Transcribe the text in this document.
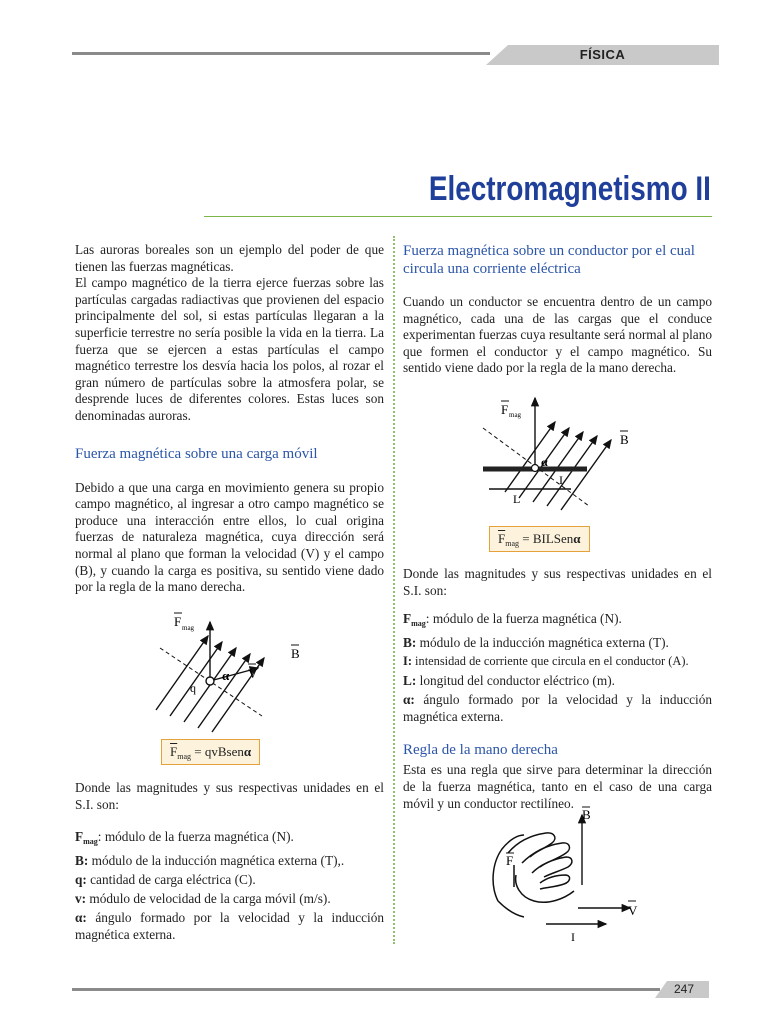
FÍSICA
Electromagnetismo II

Las auroras boreales son un ejemplo del poder de que tienen las fuerzas magnéticas.

El campo magnético de la tierra ejerce fuerzas sobre las partículas cargadas radiactivas que provienen del espacio principalmente del sol, si estas partículas llegaran a la superficie terrestre no sería posible la vida en la tierra. La fuerza que se ejercen a estas partículas el campo magnético terrestre los desvía hacia los polos, al rozar el gran número de partículas sobre la atmosfera polar, se desprende luces de diferentes colores. Estas luces son denominadas auroras.

Fuerza magnética sobre una carga móvil

Debido a que una carga en movimiento genera su propio campo magnético, al ingresar a otro campo magnético se produce una interacción entre ellos, lo cual origina fuerzas de naturaleza magnética, cuya dirección será normal al plano que forman la velocidad (V) y el campo (B), y cuando la carga es positiva, su sentido viene dado por la regla de la mano derecha.

F mag
B
q
α V
$\overline{F}_{mag}$ = qvBsenα

Donde las magnitudes y sus respectivas unidades en el S.I. son:

$F_{mag}$: módulo de la fuerza magnética (N).
B: módulo de la inducción magnética externa (T),.
q: cantidad de carga eléctrica (C).
v: módulo de velocidad de la carga móvil (m/s).
α: ángulo formado por la velocidad y la inducción magnética externa.
Fuerza magnética sobre un conductor por el cual circula una corriente eléctrica

Cuando un conductor se encuentra dentro de un campo magnético, cada una de las cargas que el conduce experimentan fuerzas cuya resultante será normal al plano que formen el conductor y el campo magnético. Su sentido viene dado por la regla de la mano derecha.

F mag
B
α
I
L
$\overline{F}_{mag}$ = BILSenα

Donde las magnitudes y sus respectivas unidades en el S.I. son:

$F_{mag}$: módulo de la fuerza magnética (N).
B: módulo de la inducción magnética externa (T).
I: intensidad de corriente que circula en el conductor (A).
L: longitud del conductor eléctrico (m).
α: ángulo formado por la velocidad y la inducción magnética externa.
Regla de la mano derecha

Esta es una regla que sirve para determinar la dirección de la fuerza magnética, tanto en el caso de una carga móvil y un conductor rectilíneo.

B
F
V
I
247
